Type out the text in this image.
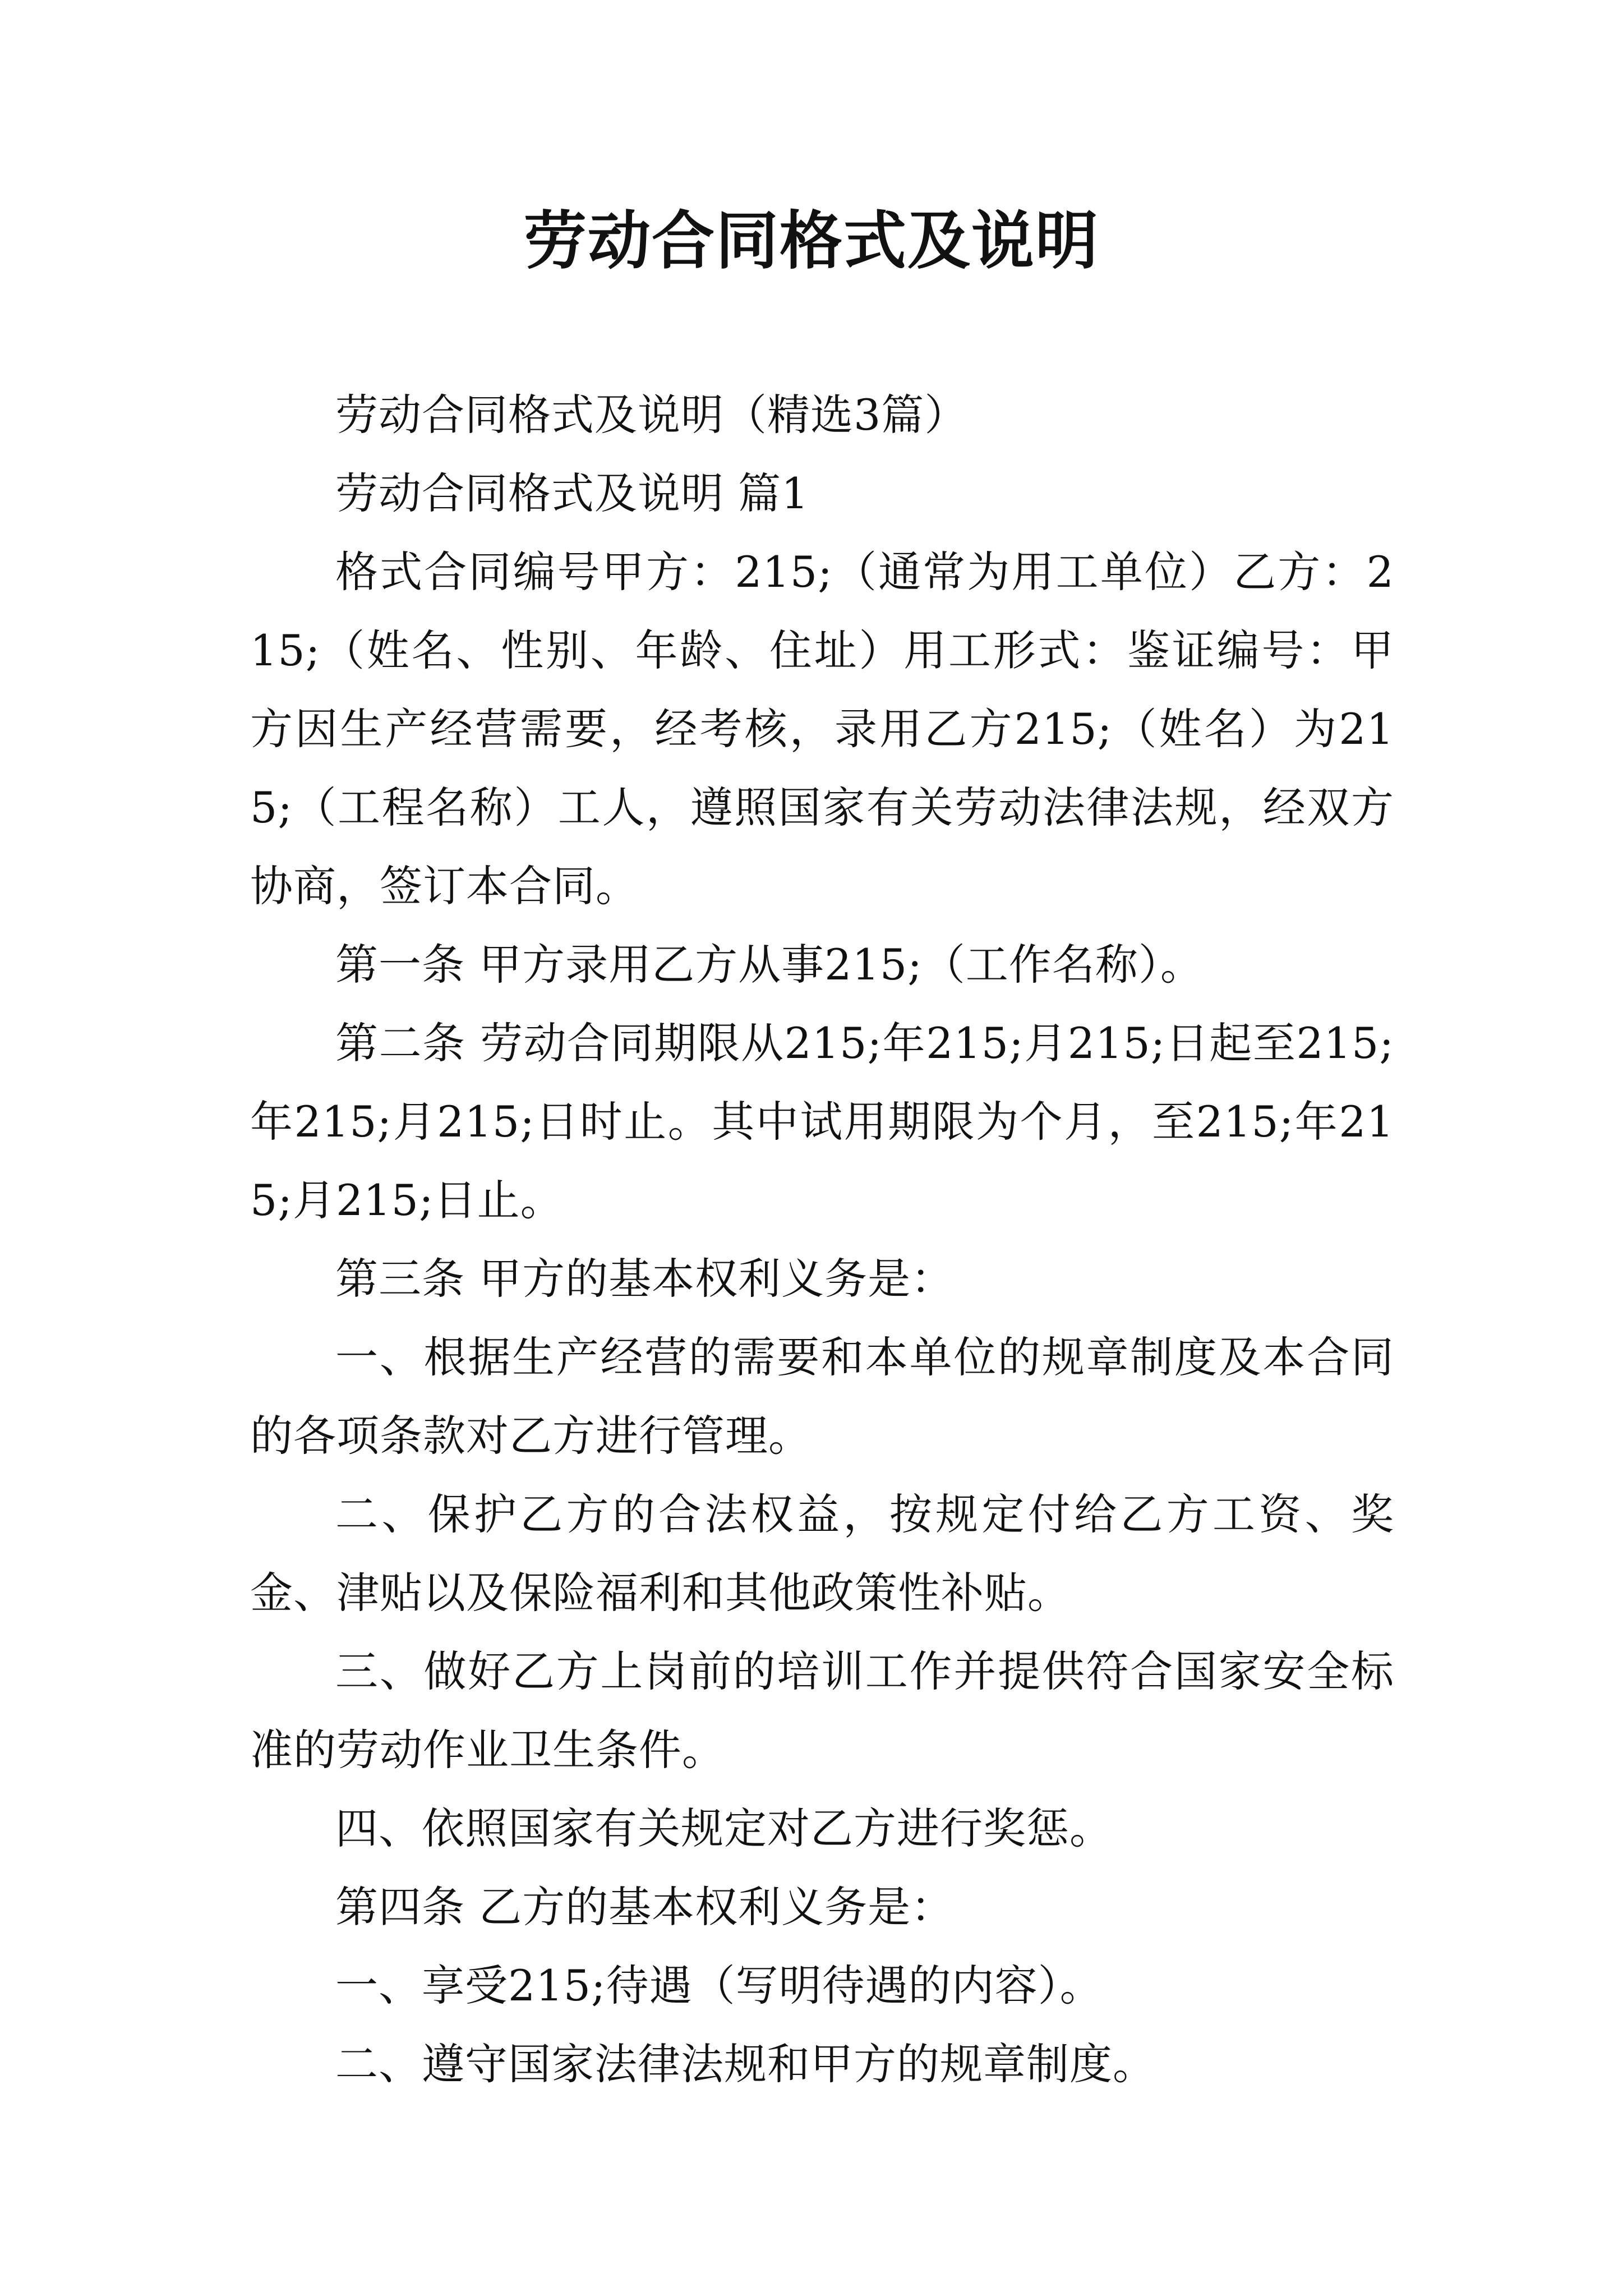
劳动合同格式及说明

劳动合同格式及说明（精选3篇）

劳动合同格式及说明 篇1

格式合同编号甲方：215;（通常为用工单位）乙方：215;（姓名、性别、年龄、住址）用工形式：鉴证编号：甲方因生产经营需要，经考核，录用乙方215;（姓名）为215;（工程名称）工人，遵照国家有关劳动法律法规，经双方协商，签订本合同。

第一条 甲方录用乙方从事215;（工作名称）。

第二条 劳动合同期限从215;年215;月215;日起至215;年215;月215;日时止。其中试用期限为个月，至215;年215;月215;日止。

第三条 甲方的基本权利义务是：

一、根据生产经营的需要和本单位的规章制度及本合同的各项条款对乙方进行管理。

二、保护乙方的合法权益，按规定付给乙方工资、奖金、津贴以及保险福利和其他政策性补贴。

三、做好乙方上岗前的培训工作并提供符合国家安全标准的劳动作业卫生条件。

四、依照国家有关规定对乙方进行奖惩。

第四条 乙方的基本权利义务是：

一、享受215;待遇（写明待遇的内容）。

二、遵守国家法律法规和甲方的规章制度。
